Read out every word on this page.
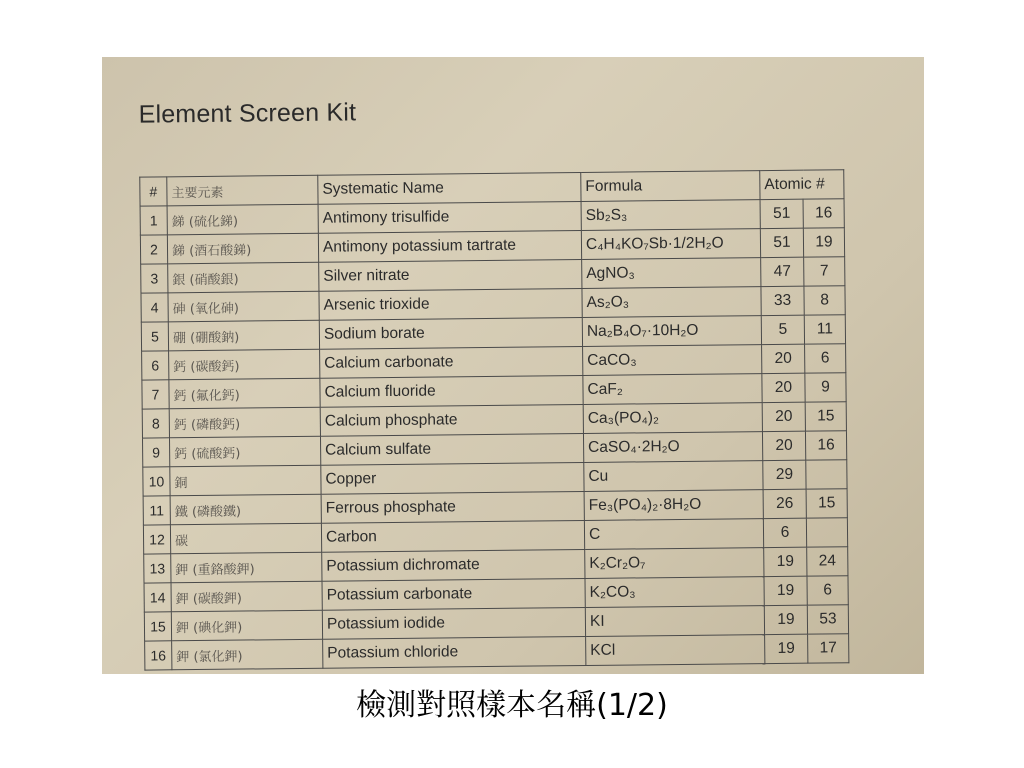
Element Screen Kit
#	主要元素	Systematic Name	Formula	Atomic #	
1	銻 (硫化銻)	Antimony trisulfide	Sb₂S₃	51	16
2	銻 (酒石酸銻)	Antimony potassium tartrate	C₄H₄KO₇Sb·1/2H₂O	51	19
3	銀 (硝酸銀)	Silver nitrate	AgNO₃	47	7
4	砷 (氧化砷)	Arsenic trioxide	As₂O₃	33	8
5	硼 (硼酸鈉)	Sodium borate	Na₂B₄O₇·10H₂O	5	11
6	鈣 (碳酸鈣)	Calcium carbonate	CaCO₃	20	6
7	鈣 (氟化鈣)	Calcium fluoride	CaF₂	20	9
8	鈣 (磷酸鈣)	Calcium phosphate	Ca₃(PO₄)₂	20	15
9	鈣 (硫酸鈣)	Calcium sulfate	CaSO₄·2H₂O	20	16
10	銅	Copper	Cu	29	
11	鐵 (磷酸鐵)	Ferrous phosphate	Fe₃(PO₄)₂·8H₂O	26	15
12	碳	Carbon	C	6	
13	鉀 (重鉻酸鉀)	Potassium dichromate	K₂Cr₂O₇	19	24
14	鉀 (碳酸鉀)	Potassium carbonate	K₂CO₃	19	6
15	鉀 (碘化鉀)	Potassium iodide	KI	19	53
16	鉀 (氯化鉀)	Potassium chloride	KCl	19	17
檢測對照樣本名稱(1/2)
